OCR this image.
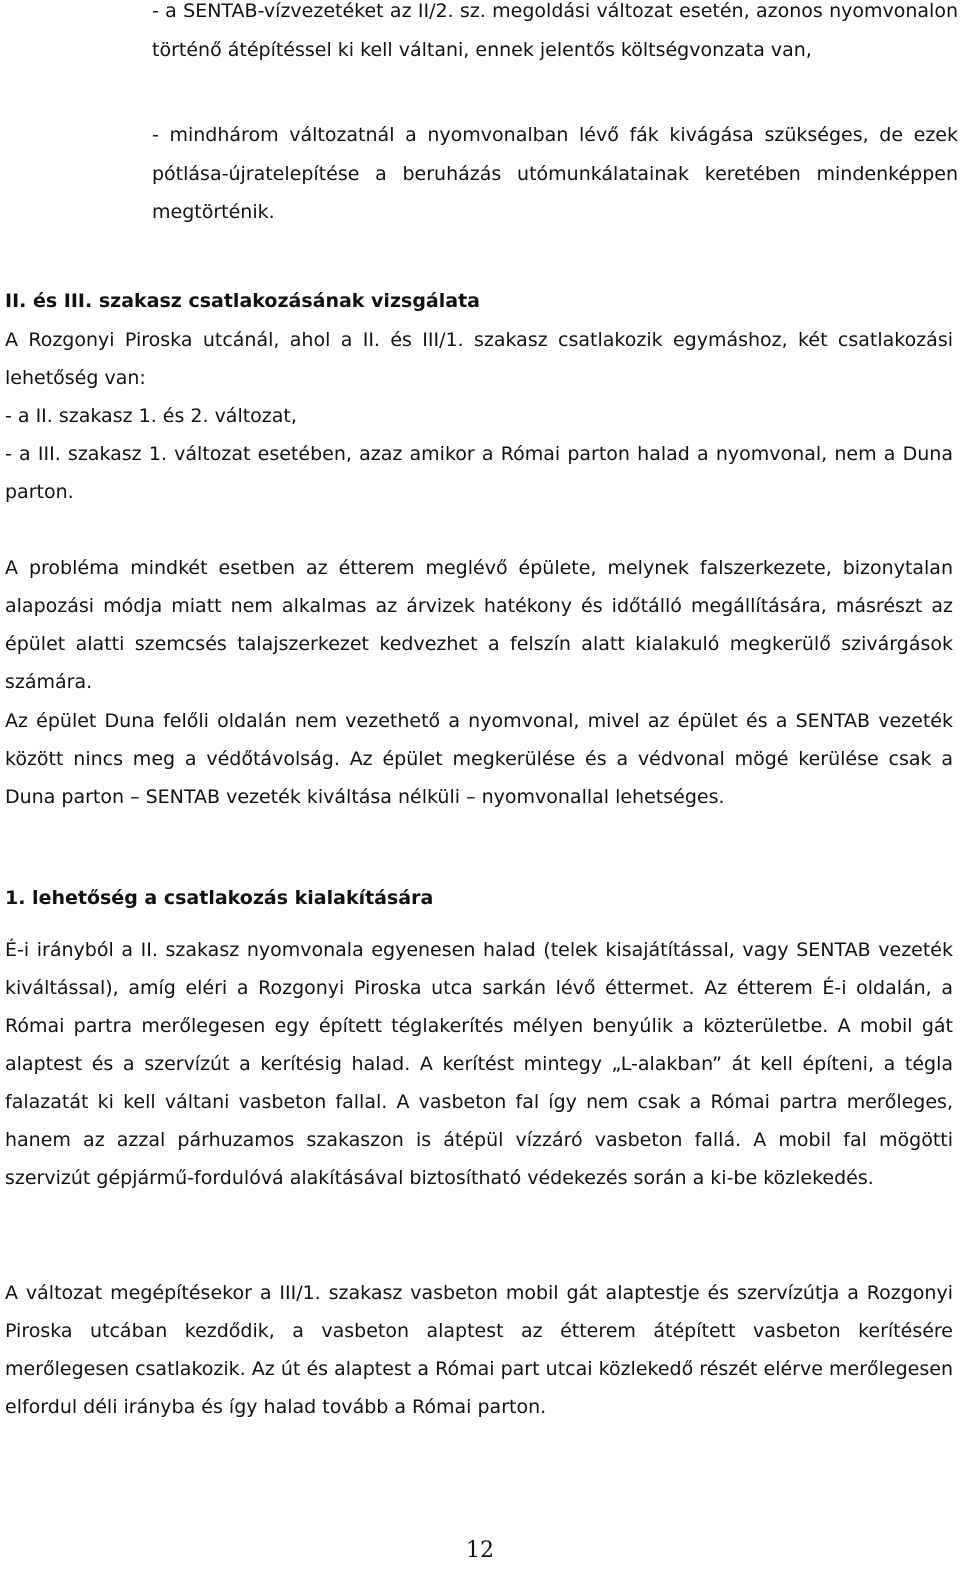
- a SENTAB-vízvezetéket az II/2. sz. megoldási változat esetén, azonos nyomvonalon történő átépítéssel ki kell váltani, ennek jelentős költségvonzata van,

- mindhárom változatnál a nyomvonalban lévő fák kivágása szükséges, de ezek pótlása-újratelepítése a beruházás utómunkálatainak keretében mindenképpen megtörténik.

II. és III. szakasz csatlakozásának vizsgálata

A Rozgonyi Piroska utcánál, ahol a II. és III/1. szakasz csatlakozik egymáshoz, két csatlakozási lehetőség van:

- a II. szakasz 1. és 2. változat,

- a III. szakasz 1. változat esetében, azaz amikor a Római parton halad a nyomvonal, nem a Duna parton.

A probléma mindkét esetben az étterem meglévő épülete, melynek falszerkezete, bizonytalan alapozási módja miatt nem alkalmas az árvizek hatékony és időtálló megállítására, másrészt az épület alatti szemcsés talajszerkezet kedvezhet a felszín alatt kialakuló megkerülő szivárgások számára.

Az épület Duna felőli oldalán nem vezethető a nyomvonal, mivel az épület és a SENTAB vezeték között nincs meg a védőtávolság. Az épület megkerülése és a védvonal mögé kerülése csak a Duna parton – SENTAB vezeték kiváltása nélküli – nyomvonallal lehetséges.

1. lehetőség a csatlakozás kialakítására

É-i irányból a II. szakasz nyomvonala egyenesen halad (telek kisajátítással, vagy SENTAB vezeték kiváltással), amíg eléri a Rozgonyi Piroska utca sarkán lévő éttermet. Az étterem É-i oldalán, a Római partra merőlegesen egy épített téglakerítés mélyen benyúlik a közterületbe. A mobil gát alaptest és a szervízút a kerítésig halad. A kerítést mintegy „L-alakban” át kell építeni, a tégla falazatát ki kell váltani vasbeton fallal. A vasbeton fal így nem csak a Római partra merőleges, hanem az azzal párhuzamos szakaszon is átépül vízzáró vasbeton fallá. A mobil fal mögötti szervizút gépjármű-fordulóvá alakításával biztosítható védekezés során a ki-be közlekedés.

A változat megépítésekor a III/1. szakasz vasbeton mobil gát alaptestje és szervízútja a Rozgonyi Piroska utcában kezdődik, a vasbeton alaptest az étterem átépített vasbeton kerítésére merőlegesen csatlakozik. Az út és alaptest a Római part utcai közlekedő részét elérve merőlegesen elfordul déli irányba és így halad tovább a Római parton.

12
